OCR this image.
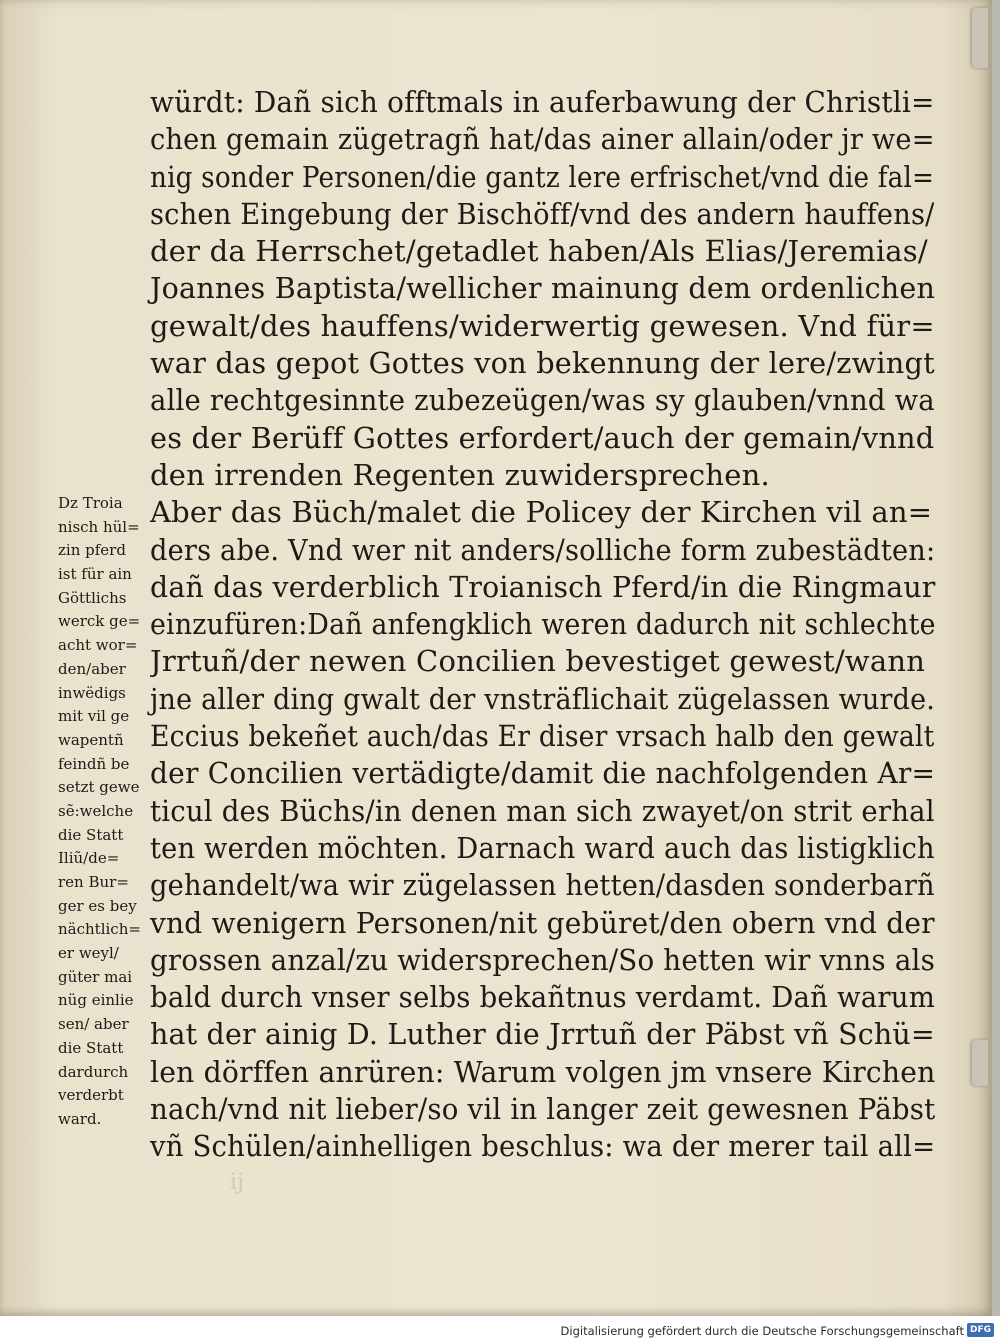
ij
würdt: Dañ sich offtmals in auferbawung der Christli=
chen gemain zügetragñ hat/das ainer allain/oder jr we=
nig sonder Personen/die gantz lere erfrischet/vnd die fal=
schen Eingebung der Bischöff/vnd des andern hauffens/
der da Herrschet/getadlet haben/Als Elias/Jeremias/
Joannes Baptista/wellicher mainung dem ordenlichen
gewalt/des hauffens/widerwertig gewesen. Vnd für=
war das gepot Gottes von bekennung der lere/zwingt
alle rechtgesinnte zubezeügen/was sy glauben/vnnd wa
es der Berüff Gottes erfordert/auch der gemain/vnnd
den irrenden Regenten zuwidersprechen.
Aber das Büch/malet die Policey der Kirchen vil an=
ders abe. Vnd wer nit anders/solliche form zubestädten:
dañ das verderblich Troianisch Pferd/in die Ringmaur
einzufüren:Dañ anfengklich weren dadurch nit schlechte
Jrrtuñ/der newen Concilien bevestiget gewest/wann
jne aller ding gwalt der vnsträflichait zügelassen wurde.
Eccius bekeñet auch/das Er diser vrsach halb den gewalt
der Concilien vertädigte/damit die nachfolgenden Ar=
ticul des Büchs/in denen man sich zwayet/on strit erhal
ten werden möchten. Darnach ward auch das listigklich
gehandelt/wa wir zügelassen hetten/dasden sonderbarñ
vnd wenigern Personen/nit gebüret/den obern vnd der
grossen anzal/zu widersprechen/So hetten wir vnns als
bald durch vnser selbs bekañtnus verdamt. Dañ warum
hat der ainig D. Luther die Jrrtuñ der Päbst vñ Schü=
len dörffen anrüren: Warum volgen jm vnsere Kirchen
nach/vnd nit lieber/so vil in langer zeit gewesnen Päbst
vñ Schülen/ainhelligen beschlus: wa der merer tail all=
Dz Troia
nisch hül=
zin pferd
ist für ain
Göttlichs
werck ge=
acht wor=
den/aber
inwëdigs
mit vil ge
wapentñ
feindñ be
setzt gewe
sẽ:welche
die Statt
Iliũ/de=
ren Bur=
ger es bey
nächtlich=
er weyl/
güter mai
nüg einlie
sen/ aber
die Statt
dardurch
verderbt
ward.
Digitalisierung gefördert durch die Deutsche Forschungsgemeinschaft DFG
